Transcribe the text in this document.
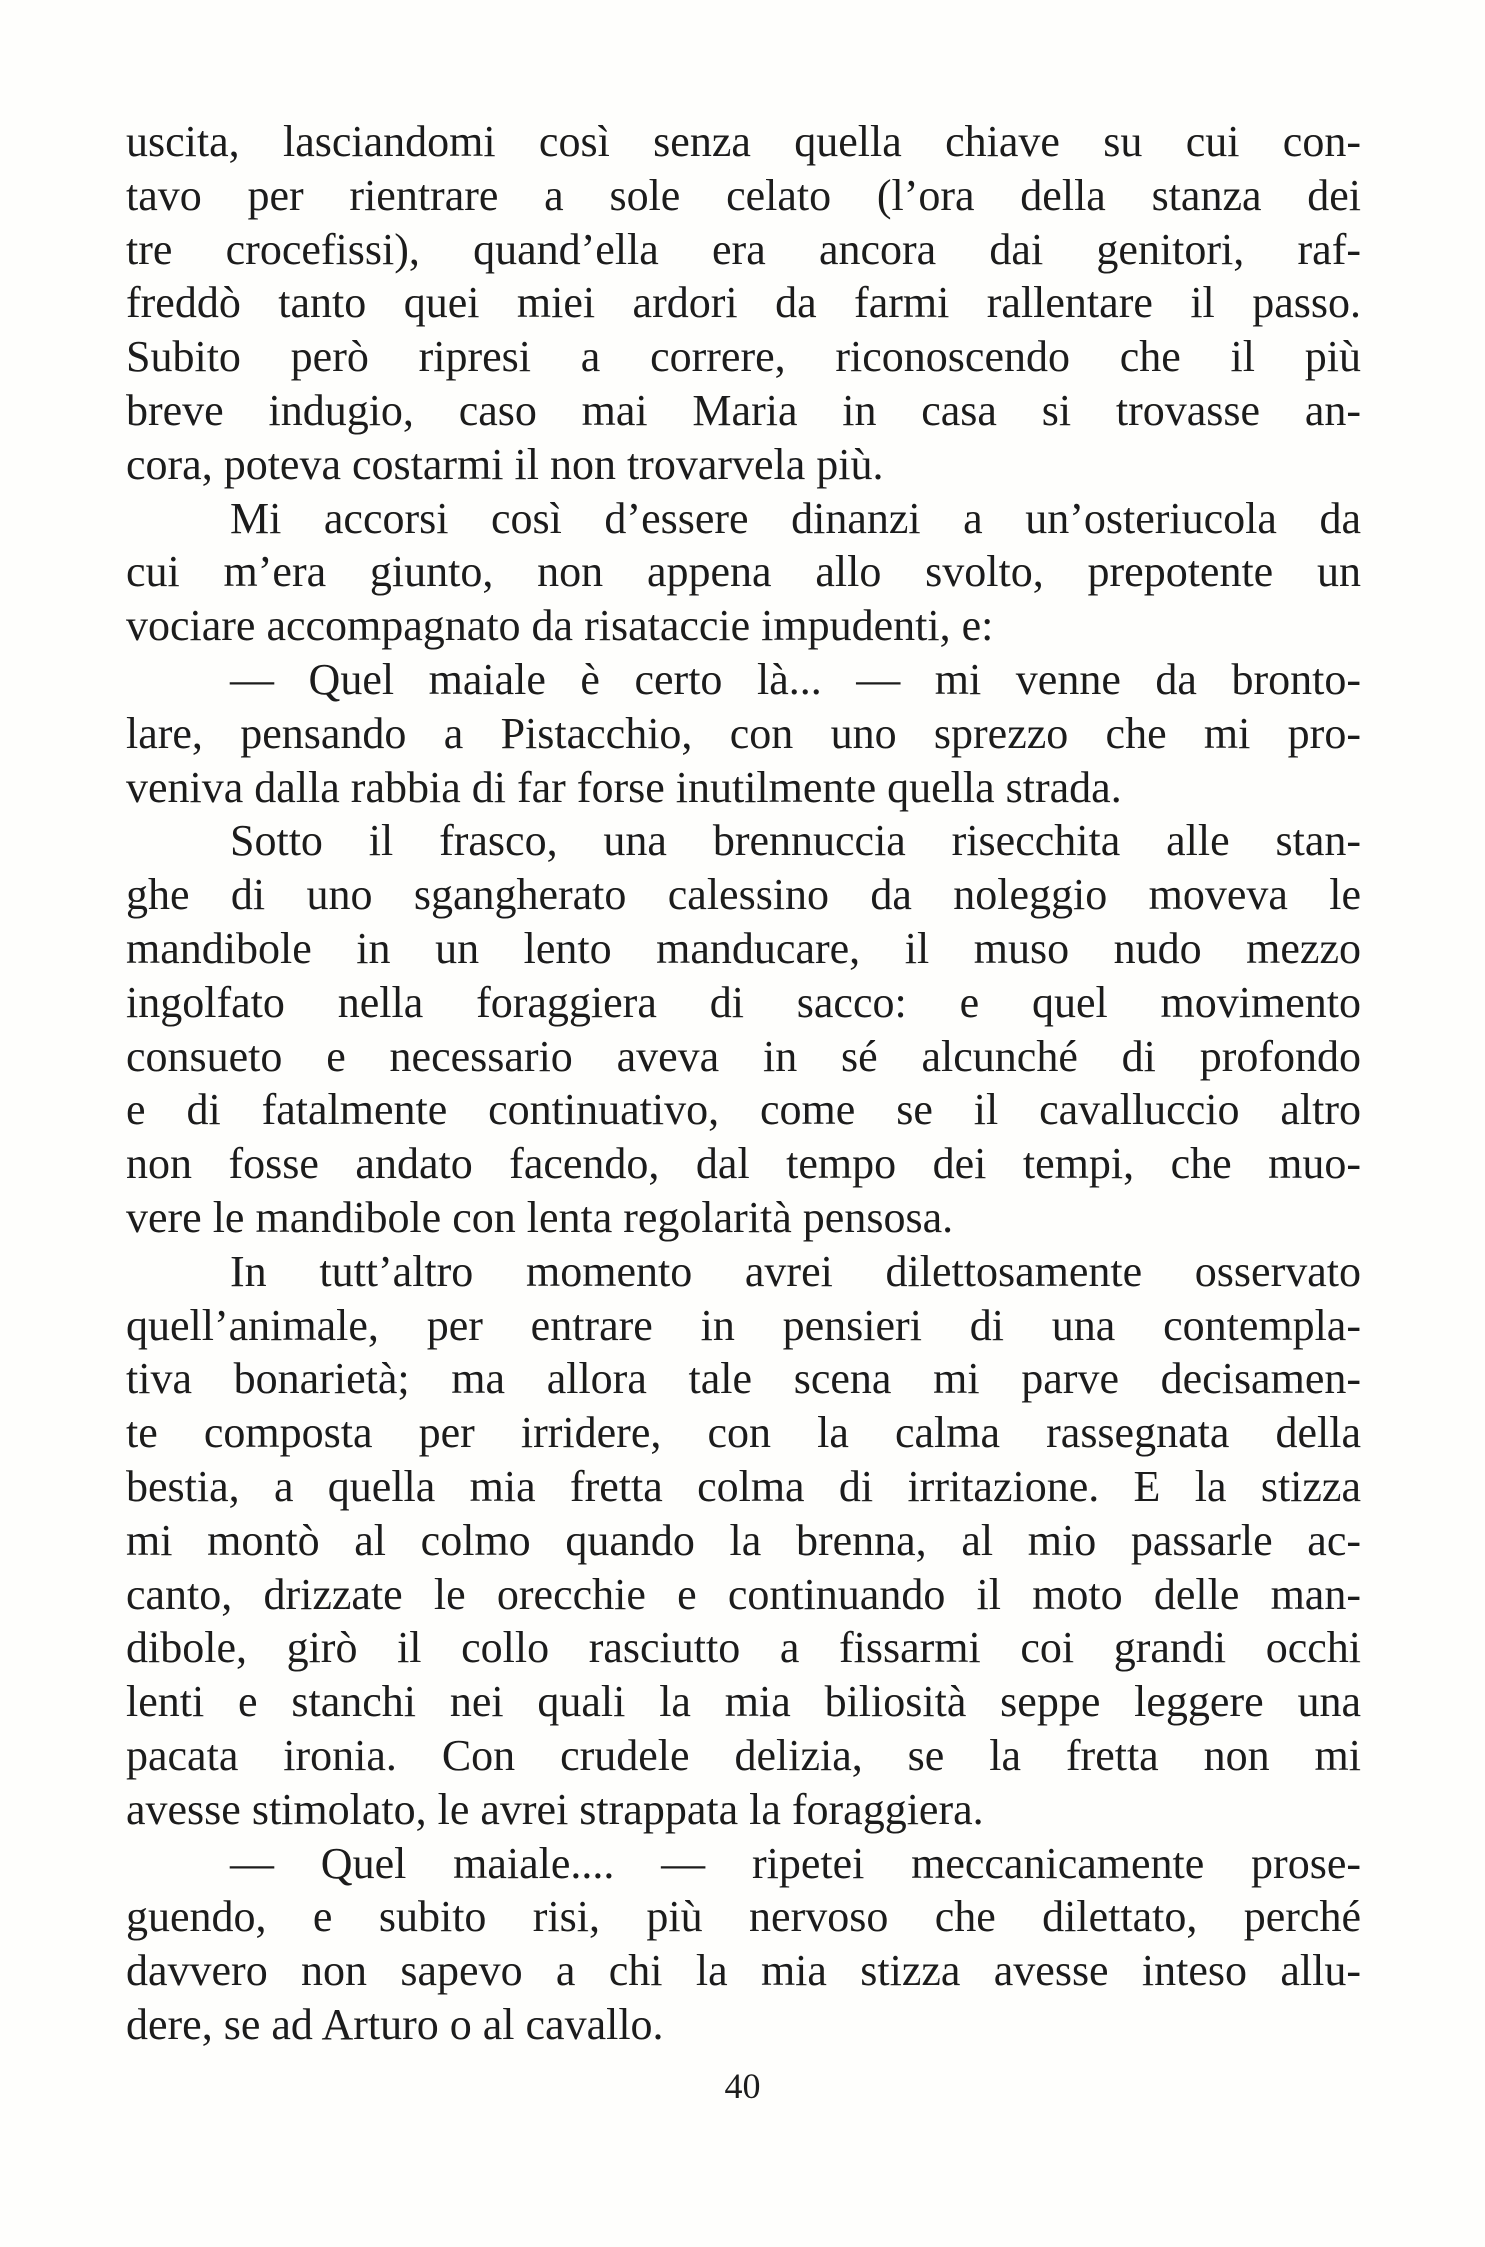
uscita, lasciandomi così senza quella chiave su cui con-
tavo per rientrare a sole celato (l’ora della stanza dei
tre crocefissi), quand’ella era ancora dai genitori, raf-
freddò tanto quei miei ardori da farmi rallentare il passo.
Subito però ripresi a correre, riconoscendo che il più
breve indugio, caso mai Maria in casa si trovasse an-
cora, poteva costarmi il non trovarvela più.
Mi accorsi così d’essere dinanzi a un’osteriucola da
cui m’era giunto, non appena allo svolto, prepotente un
vociare accompagnato da risataccie impudenti, e:
— Quel maiale è certo là... — mi venne da bronto-
lare, pensando a Pistacchio, con uno sprezzo che mi pro-
veniva dalla rabbia di far forse inutilmente quella strada.
Sotto il frasco, una brennuccia risecchita alle stan-
ghe di uno sgangherato calessino da noleggio moveva le
mandibole in un lento manducare, il muso nudo mezzo
ingolfato nella foraggiera di sacco: e quel movimento
consueto e necessario aveva in sé alcunché di profondo
e di fatalmente continuativo, come se il cavalluccio altro
non fosse andato facendo, dal tempo dei tempi, che muo-
vere le mandibole con lenta regolarità pensosa.
In tutt’altro momento avrei dilettosamente osservato
quell’animale, per entrare in pensieri di una contempla-
tiva bonarietà; ma allora tale scena mi parve decisamen-
te composta per irridere, con la calma rassegnata della
bestia, a quella mia fretta colma di irritazione. E la stizza
mi montò al colmo quando la brenna, al mio passarle ac-
canto, drizzate le orecchie e continuando il moto delle man-
dibole, girò il collo rasciutto a fissarmi coi grandi occhi
lenti e stanchi nei quali la mia biliosità seppe leggere una
pacata ironia. Con crudele delizia, se la fretta non mi
avesse stimolato, le avrei strappata la foraggiera.
— Quel maiale.... — ripetei meccanicamente prose-
guendo, e subito risi, più nervoso che dilettato, perché
davvero non sapevo a chi la mia stizza avesse inteso allu-
dere, se ad Arturo o al cavallo.
40
